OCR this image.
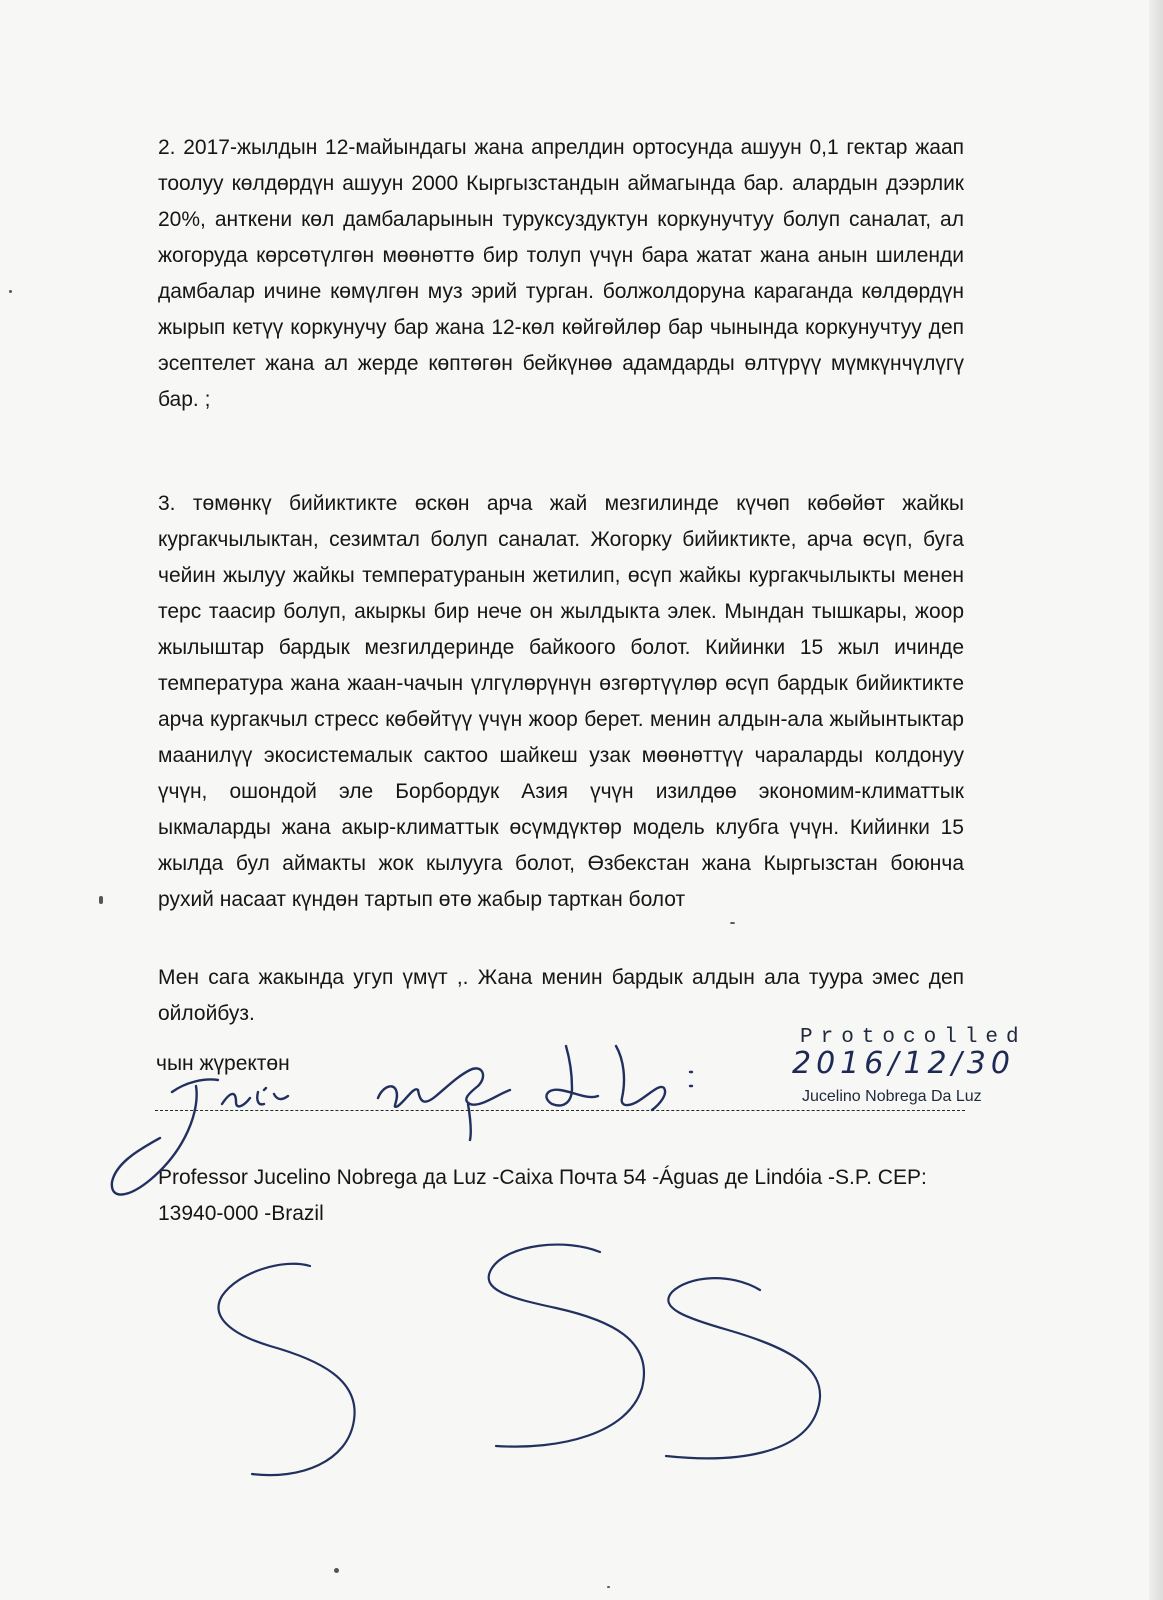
2. 2017-жылдын 12-майындагы жана апрелдин ортосунда ашуун 0,1 гектар жаап тоолуу көлдөрдүн ашуун 2000 Кыргызстандын аймагында бар. алардын дээрлик 20%, анткени көл дамбаларынын туруксуздуктун коркунучтуу болуп саналат, ал жогоруда көрсөтүлгөн мөөнөттө бир толуп үчүн бара жатат жана анын шиленди дамбалар ичине көмүлгөн муз эрий турган. болжолдоруна караганда көлдөрдүн жырып кетүү коркунучу бар жана 12-көл көйгөйлөр бар чынында коркунучтуу деп эсептелет жана ал жерде көптөгөн бейкүнөө адамдарды өлтүрүү мүмкүнчүлүгү бар. ;

3. төмөнкү бийиктикте өскөн арча жай мезгилинде күчөп көбөйөт жайкы кургакчылыктан, сезимтал болуп саналат. Жогорку бийиктикте, арча өсүп, буга чейин жылуу жайкы температуранын жетилип, өсүп жайкы кургакчылыкты менен терс таасир болуп, акыркы бир нече он жылдыкта элек. Мындан тышкары, жоор жылыштар бардык мезгилдеринде байкоого болот. Кийинки 15 жыл ичинде температура жана жаан-чачын үлгүлөрүнүн өзгөртүүлөр өсүп бардык бийиктикте арча кургакчыл стресс көбөйтүү үчүн жоор берет. менин алдын-ала жыйынтыктар маанилүү экосистемалык сактоо шайкеш узак мөөнөттүү чараларды колдонуу үчүн, ошондой эле Борбордук Азия үчүн изилдөө экономим-климаттык ыкмаларды жана акыр-климаттык өсүмдүктөр модель клубга үчүн. Кийинки 15 жылда бул аймакты жок кылууга болот, Өзбекстан жана Кыргызстан боюнча рухий насаат күндөн тартып өтө жабыр тарткан болот

Мен сага жакында угуп үмүт ,. Жана менин бардык алдын ала туура эмес деп ойлойбуз.

чын жүректөн

Protocolled

2016/12/30

Jucelino Nobrega Da Luz

Professor Jucelino Nobrega да Luz -Caixa Почта 54 -Águas де Lindóia -S.P. CEP: 13940-000 -Brazil
